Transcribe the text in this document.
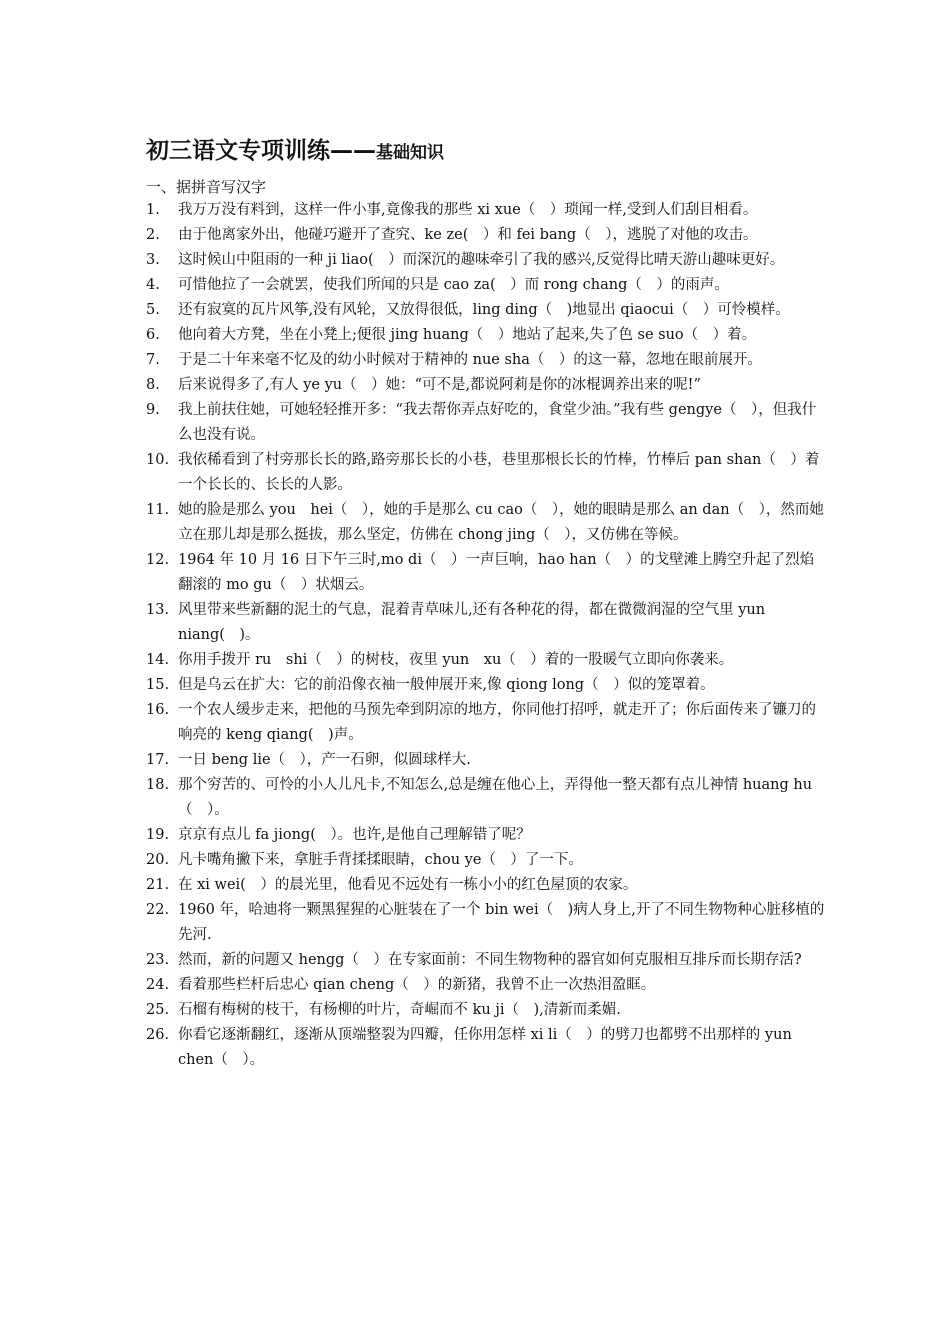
初三语文专项训练——基础知识
一、据拼音写汉字
1.	我万万没有料到，这样一件小事,竟像我的那些 xi xue（　）琐闻一样,受到人们刮目相看。
2.	由于他离家外出，他碰巧避开了查究、ke ze(　）和 fei bang（　），逃脱了对他的攻击。
3.	这时候山中阻雨的一种 ji liao(　）而深沉的趣味牵引了我的感兴,反觉得比晴天游山趣味更好。
4.	可惜他拉了一会就罢，使我们所闻的只是 cao za(　）而 rong chang（　）的雨声。
5.	还有寂寞的瓦片风筝,没有风轮，又放得很低，ling ding（　)地显出 qiaocui（　）可怜模样。
6.	他向着大方凳，坐在小凳上;便很 jing huang（　）地站了起来,失了色 se suo（　）着。
7.	于是二十年来毫不忆及的幼小时候对于精神的 nue sha（　）的这一幕，忽地在眼前展开。
8.	后来说得多了,有人 ye yu（　）她：“可不是,都说阿莉是你的冰棍调养出来的呢!”
9.	我上前扶住她，可她轻轻推开多：“我去帮你弄点好吃的，食堂少油。”我有些 gengye（　），但我什么也没有说。
10. 我依稀看到了村旁那长长的路,路旁那长长的小巷，巷里那根长长的竹棒，竹棒后 pan shan（　）着一个长长的、长长的人影。
11. 她的脸是那么 you　hei（　），她的手是那么 cu cao（　），她的眼睛是那么 an dan（　），然而她立在那儿却是那么挺拔，那么坚定，仿佛在 chong jing（　），又仿佛在等候。
12. 1964 年 10 月 16 日下午三时,mo di（　）一声巨响，hao han（　）的戈壁滩上腾空升起了烈焰翻滚的 mo gu（　）状烟云。
13. 风里带来些新翻的泥土的气息，混着青草味儿,还有各种花的得，都在微微润湿的空气里 yun niang(　)。
14. 你用手拨开 ru　shi（　）的树枝，夜里 yun　xu（　）着的一股暖气立即向你袭来。
15. 但是乌云在扩大：它的前沿像衣袖一般伸展开来,像 qiong long（　）似的笼罩着。
16. 一个农人缓步走来，把他的马预先牵到阴凉的地方，你同他打招呼，就走开了；你后面传来了镰刀的响亮的 keng qiang(　)声。
17. 一日 beng lie（　），产一石卵，似圆球样大.
18. 那个穷苦的、可怜的小人儿凡卡,不知怎么,总是缠在他心上，弄得他一整天都有点儿神情 huang hu（　）。
19. 京京有点儿 fa jiong(　）。也许,是他自己理解错了呢？
20. 凡卡嘴角撇下来，拿脏手背揉揉眼睛，chou ye（　）了一下。
21. 在 xi wei(　）的晨光里，他看见不远处有一栋小小的红色屋顶的农家。
22. 1960 年，哈迪将一颗黑猩猩的心脏装在了一个 bin wei（　)病人身上,开了不同生物物种心脏移植的先河.
23. 然而，新的问题又 hengg（　）在专家面前：不同生物物种的器官如何克服相互排斥而长期存活?
24. 看着那些栏杆后忠心 qian cheng（　）的新猪，我曾不止一次热泪盈眶。
25. 石榴有梅树的枝干，有杨柳的叶片，奇崛而不 ku ji（　),清新而柔媚.
26. 你看它逐渐翻红，逐渐从顶端整裂为四瓣，任你用怎样 xi li（　）的劈刀也都劈不出那样的 yun chen（　）。
